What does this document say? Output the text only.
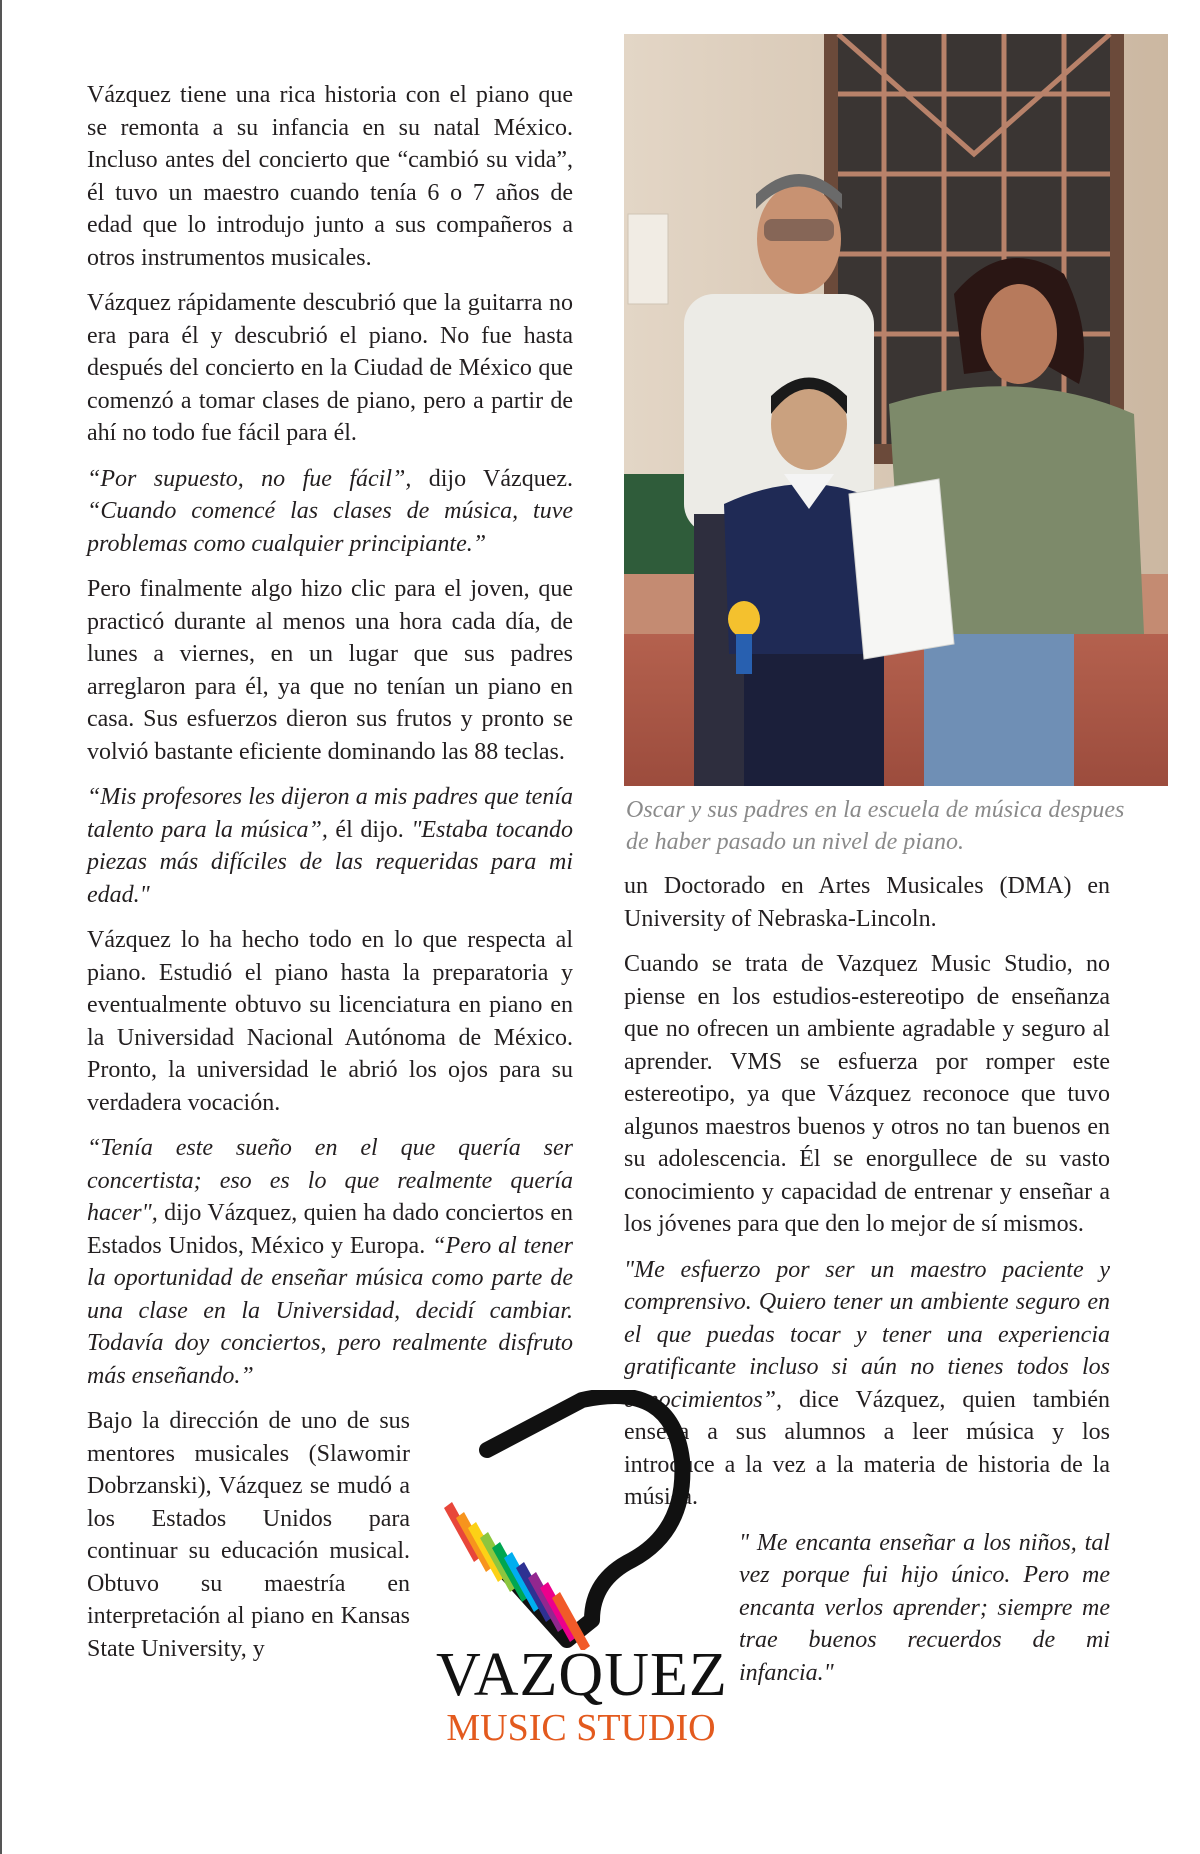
Vázquez tiene una rica historia con el piano que se remonta a su infancia en su natal México. Incluso antes del concierto que “cambió su vida”, él tuvo un maestro cuando tenía 6 o 7 años de edad que lo introdujo junto a sus compañeros a otros instrumentos musicales.

Vázquez rápidamente descubrió que la guitarra no era para él y descubrió el piano. No fue hasta después del concierto en la Ciudad de México que comenzó a tomar clases de piano, pero a partir de ahí no todo fue fácil para él.

“Por supuesto, no fue fácil”, dijo Vázquez. “Cuando comencé las clases de música, tuve problemas como cualquier principiante.”

Pero finalmente algo hizo clic para el joven, que practicó durante al menos una hora cada día, de lunes a viernes, en un lugar que sus padres arreglaron para él, ya que no tenían un piano en casa. Sus esfuerzos dieron sus frutos y pronto se volvió bastante eficiente dominando las 88 teclas.

“Mis profesores les dijeron a mis padres que tenía talento para la música”, él dijo. "Estaba tocando piezas más difíciles de las requeridas para mi edad."

Vázquez lo ha hecho todo en lo que respecta al piano. Estudió el piano hasta la preparatoria y eventualmente obtuvo su licenciatura en piano en la Universidad Nacional Autónoma de México. Pronto, la universidad le abrió los ojos para su verdadera vocación.

“Tenía este sueño en el que quería ser concertista; eso es lo que realmente quería hacer", dijo Vázquez, quien ha dado conciertos en Estados Unidos, México y Europa. “Pero al tener la oportunidad de enseñar música como parte de una clase en la Universidad, decidí cambiar. Todavía doy conciertos, pero realmente disfruto más enseñando.”

Bajo la dirección de uno de sus mentores musicales (Slawomir Dobrzanski), Vázquez se mudó a los Estados Unidos para continuar su educación musical. Obtuvo su maestría en interpretación al piano en Kansas State University, y

Oscar y sus padres en la escuela de música despues de haber pasado un nivel de piano.

un Doctorado en Artes Musicales (DMA) en University of Nebraska-Lincoln.

Cuando se trata de Vazquez Music Studio, no piense en los estudios-estereotipo de enseñanza que no ofrecen un ambiente agradable y seguro al aprender. VMS se esfuerza por romper este estereotipo, ya que Vázquez reconoce que tuvo algunos maestros buenos y otros no tan buenos en su adolescencia. Él se enorgullece de su vasto conocimiento y capacidad de entrenar y enseñar a los jóvenes para que den lo mejor de sí mismos.

"Me esfuerzo por ser un maestro paciente y comprensivo. Quiero tener un ambiente seguro en el que puedas tocar y tener una experiencia gratificante incluso si aún no tienes todos los conocimientos”, dice Vázquez, quien también enseña a sus alumnos a leer música y los introduce a la vez a la materia de historia de la música.

" Me encanta enseñar a los niños, tal vez porque fui hijo único. Pero me encanta verlos aprender; siempre me trae buenos recuerdos de mi infancia."

VAZQUEZ
MUSIC STUDIO
